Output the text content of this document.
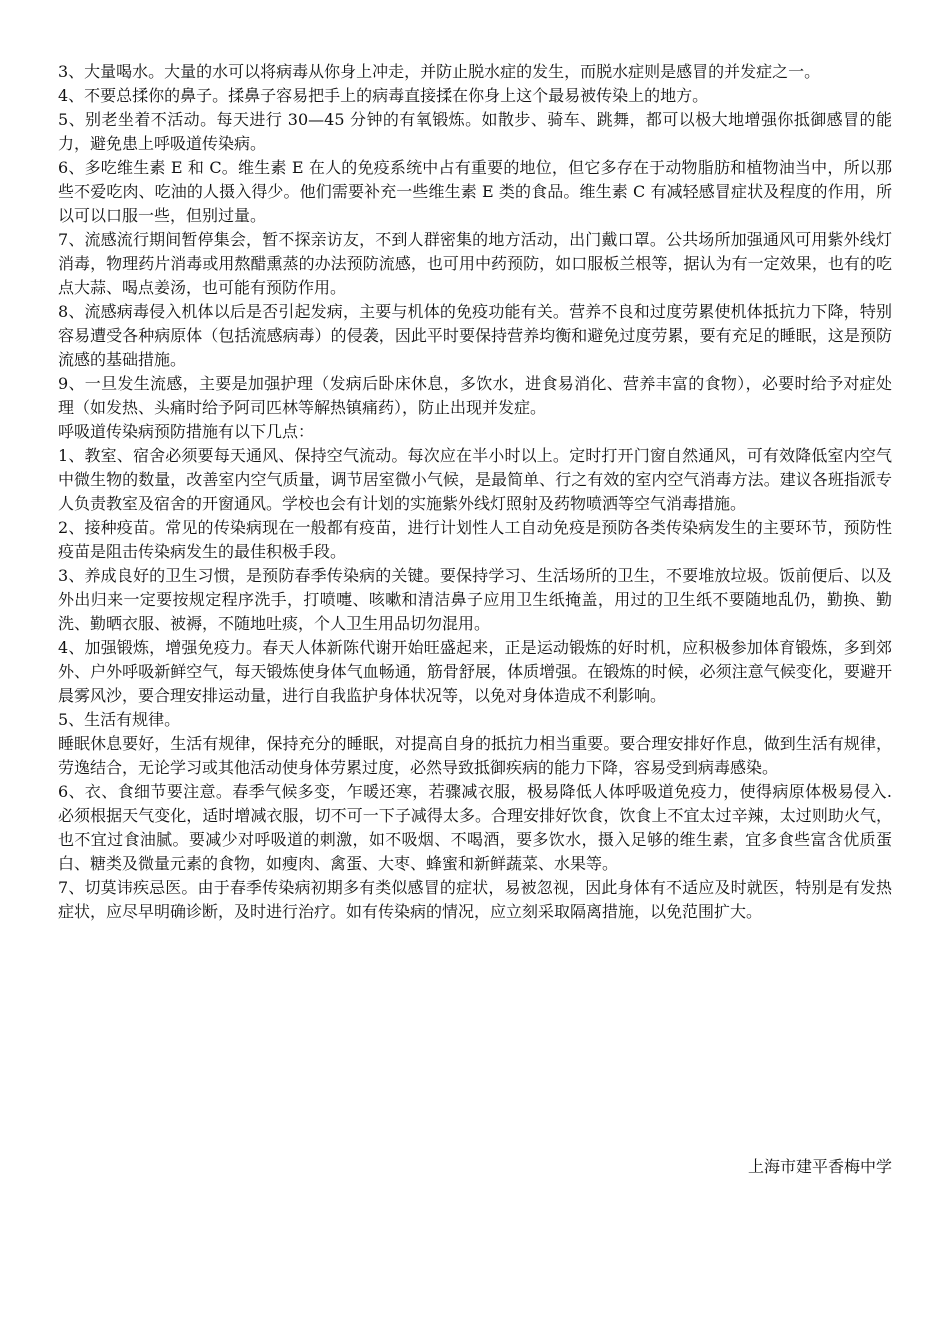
3、大量喝水。大量的水可以将病毒从你身上冲走，并防止脱水症的发生，而脱水症则是感冒的并发症之一。

4、不要总揉你的鼻子。揉鼻子容易把手上的病毒直接揉在你身上这个最易被传染上的地方。

5、别老坐着不活动。每天进行 30—45 分钟的有氧锻炼。如散步、骑车、跳舞，都可以极大地增强你抵御感冒的能力，避免患上呼吸道传染病。

6、多吃维生素 E 和 C。维生素 E 在人的免疫系统中占有重要的地位，但它多存在于动物脂肪和植物油当中，所以那些不爱吃肉、吃油的人摄入得少。他们需要补充一些维生素 E 类的食品。维生素 C 有减轻感冒症状及程度的作用，所以可以口服一些，但别过量。

7、流感流行期间暂停集会，暂不探亲访友，不到人群密集的地方活动，出门戴口罩。公共场所加强通风可用紫外线灯消毒，物理药片消毒或用熬醋熏蒸的办法预防流感，也可用中药预防，如口服板兰根等，据认为有一定效果，也有的吃点大蒜、喝点姜汤，也可能有预防作用。

8、流感病毒侵入机体以后是否引起发病，主要与机体的免疫功能有关。营养不良和过度劳累使机体抵抗力下降，特别容易遭受各种病原体（包括流感病毒）的侵袭，因此平时要保持营养均衡和避免过度劳累，要有充足的睡眠，这是预防流感的基础措施。

9、一旦发生流感，主要是加强护理（发病后卧床休息，多饮水，进食易消化、营养丰富的食物），必要时给予对症处理（如发热、头痛时给予阿司匹林等解热镇痛药），防止出现并发症。

呼吸道传染病预防措施有以下几点：

1、教室、宿舍必须要每天通风、保持空气流动。每次应在半小时以上。定时打开门窗自然通风，可有效降低室内空气中微生物的数量，改善室内空气质量，调节居室微小气候，是最简单、行之有效的室内空气消毒方法。建议各班指派专人负责教室及宿舍的开窗通风。学校也会有计划的实施紫外线灯照射及药物喷洒等空气消毒措施。

2、接种疫苗。常见的传染病现在一般都有疫苗，进行计划性人工自动免疫是预防各类传染病发生的主要环节，预防性疫苗是阻击传染病发生的最佳积极手段。

3、养成良好的卫生习惯，是预防春季传染病的关键。要保持学习、生活场所的卫生，不要堆放垃圾。饭前便后、以及外出归来一定要按规定程序洗手，打喷嚏、咳嗽和清洁鼻子应用卫生纸掩盖，用过的卫生纸不要随地乱仍，勤换、勤洗、勤晒衣服、被褥，不随地吐痰，个人卫生用品切勿混用。

4、加强锻炼，增强免疫力。春天人体新陈代谢开始旺盛起来，正是运动锻炼的好时机，应积极参加体育锻炼，多到郊外、户外呼吸新鲜空气，每天锻炼使身体气血畅通，筋骨舒展，体质增强。在锻炼的时候，必须注意气候变化，要避开晨雾风沙，要合理安排运动量，进行自我监护身体状况等，以免对身体造成不利影响。

5、生活有规律。

睡眠休息要好，生活有规律，保持充分的睡眠，对提高自身的抵抗力相当重要。要合理安排好作息，做到生活有规律，劳逸结合，无论学习或其他活动使身体劳累过度，必然导致抵御疾病的能力下降，容易受到病毒感染。

6、衣、食细节要注意。春季气候多变，乍暖还寒，若骤减衣服，极易降低人体呼吸道免疫力，使得病原体极易侵入. 必须根据天气变化，适时增减衣服，切不可一下子减得太多。合理安排好饮食，饮食上不宜太过辛辣，太过则助火气，也不宜过食油腻。要减少对呼吸道的刺激，如不吸烟、不喝酒，要多饮水，摄入足够的维生素，宜多食些富含优质蛋白、糖类及微量元素的食物，如瘦肉、禽蛋、大枣、蜂蜜和新鲜蔬菜、水果等。

7、切莫讳疾忌医。由于春季传染病初期多有类似感冒的症状，易被忽视，因此身体有不适应及时就医，特别是有发热症状，应尽早明确诊断，及时进行治疗。如有传染病的情况，应立刻采取隔离措施，以免范围扩大。

上海市建平香梅中学
